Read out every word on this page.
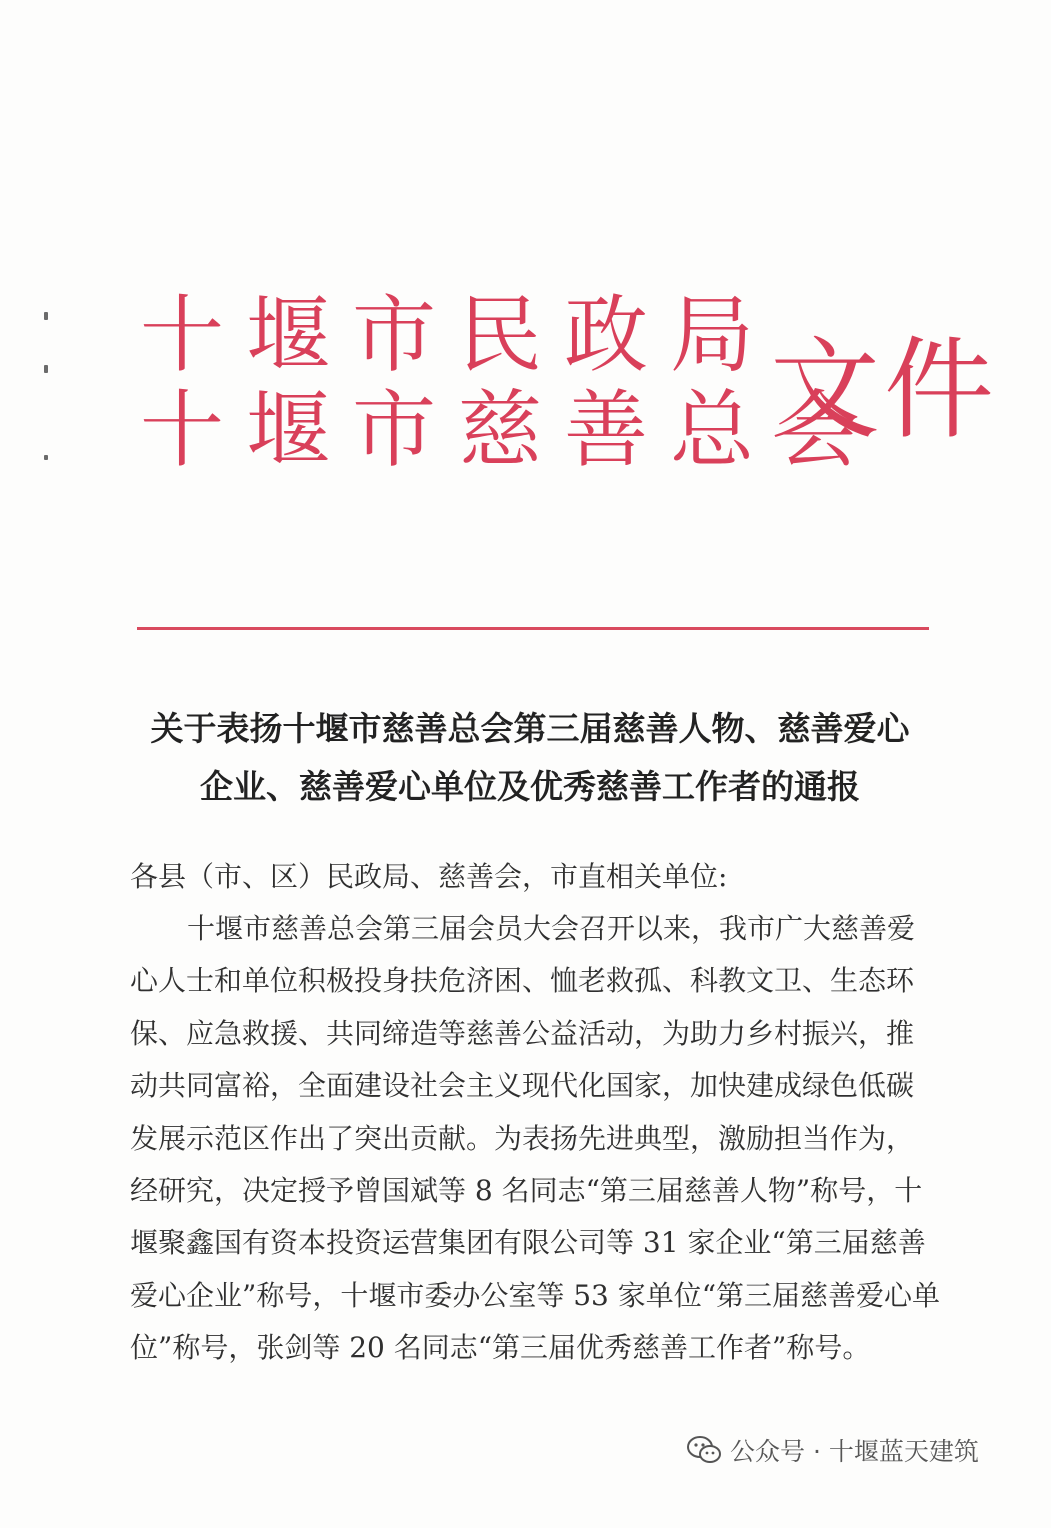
十堰市民政局
十堰市慈善总会
文件
关于表扬十堰市慈善总会第三届慈善人物、慈善爱心
企业、慈善爱心单位及优秀慈善工作者的通报
各县（市、区）民政局、慈善会，市直相关单位:
十堰市慈善总会第三届会员大会召开以来，我市广大慈善爱
心人士和单位积极投身扶危济困、恤老救孤、科教文卫、生态环
保、应急救援、共同缔造等慈善公益活动，为助力乡村振兴，推
动共同富裕，全面建设社会主义现代化国家，加快建成绿色低碳
发展示范区作出了突出贡献。为表扬先进典型，激励担当作为，
经研究，决定授予曾国斌等 8 名同志“第三届慈善人物”称号，十
堰聚鑫国有资本投资运营集团有限公司等 31 家企业“第三届慈善
爱心企业”称号，十堰市委办公室等 53 家单位“第三届慈善爱心单
位”称号，张剑等 20 名同志“第三届优秀慈善工作者”称号。
公众号 · 十堰蓝天建筑
